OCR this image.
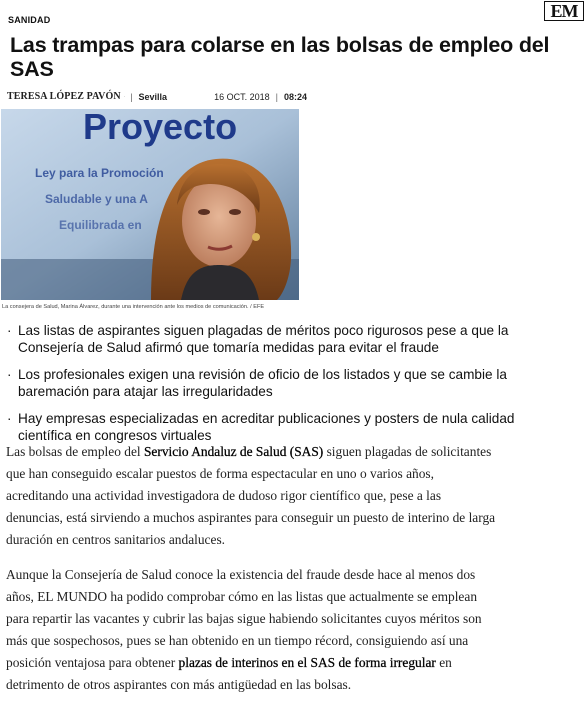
SANIDAD	EM
Las trampas para colarse en las bolsas de empleo del SAS
TERESA LÓPEZ PAVÓN | Sevilla	16 OCT. 2018 | 08:24
Proyecto
Ley para la Promoción
Saludable y una A
Equilibrada en
La consejera de Salud, Marina Álvarez, durante una intervención ante los medios de comunicación. / EFE
· Las listas de aspirantes siguen plagadas de méritos poco rigurosos pese a que la Consejería de Salud afirmó que tomaría medidas para evitar el fraude
· Los profesionales exigen una revisión de oficio de los listados y que se cambie la baremación para atajar las irregularidades
· Hay empresas especializadas en acreditar publicaciones y posters de nula calidad científica en congresos virtuales

Las bolsas de empleo del Servicio Andaluz de Salud (SAS) siguen plagadas de solicitantes que han conseguido escalar puestos de forma espectacular en uno o varios años, acreditando una actividad investigadora de dudoso rigor científico que, pese a las denuncias, está sirviendo a muchos aspirantes para conseguir un puesto de interino de larga duración en centros sanitarios andaluces.

Aunque la Consejería de Salud conoce la existencia del fraude desde hace al menos dos años, EL MUNDO ha podido comprobar cómo en las listas que actualmente se emplean para repartir las vacantes y cubrir las bajas sigue habiendo solicitantes cuyos méritos son más que sospechosos, pues se han obtenido en un tiempo récord, consiguiendo así una posición ventajosa para obtener plazas de interinos en el SAS de forma irregular en detrimento de otros aspirantes con más antigüedad en las bolsas.
